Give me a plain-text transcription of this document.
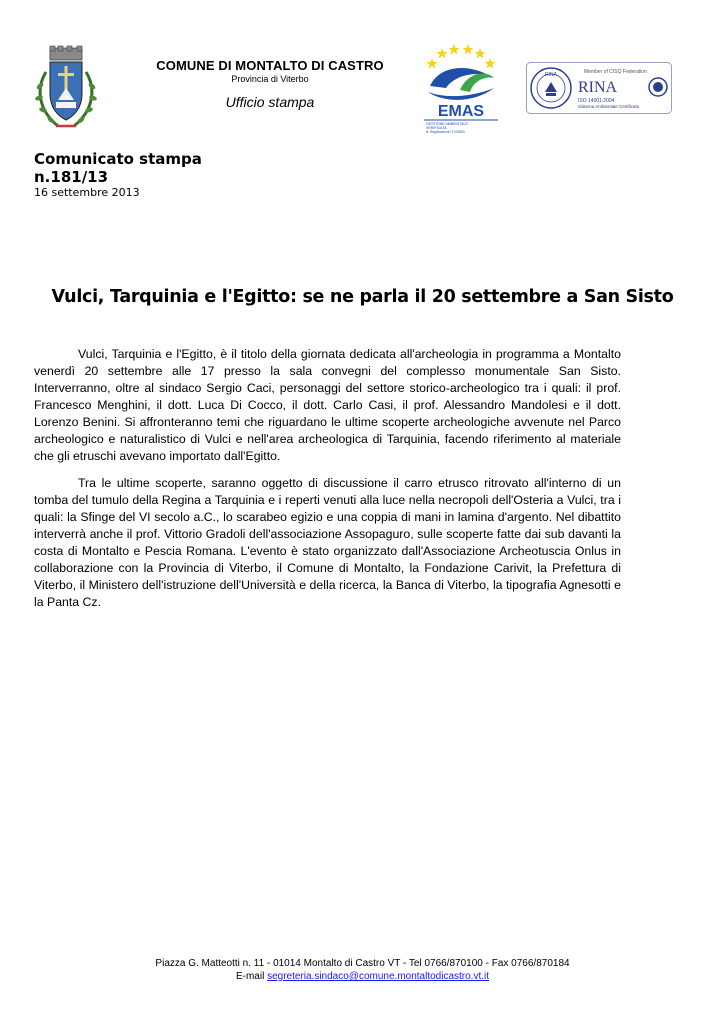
COMUNE DI MONTALTO DI CASTRO
Provincia di Viterbo
Ufficio stampa
EMAS
GESTIONE AMBIENTALE
VERIFICATA
N. Registrazione IT-000000
RINA	Member of CISQ Federation
RINA
ISO 14001:2004
Sistema Ambientale Certificato
Comunicato stampa
n.181/13
16 settembre 2013
Vulci, Tarquinia e l'Egitto: se ne parla il 20 settembre a San Sisto

Vulci, Tarquinia e l'Egitto, è il titolo della giornata dedicata all'archeologia in programma a Montalto venerdì 20 settembre alle 17 presso la sala convegni del complesso monumentale San Sisto. Interverranno, oltre al sindaco Sergio Caci, personaggi del settore storico-archeologico tra i quali: il prof. Francesco Menghini, il dott. Luca Di Cocco, il dott. Carlo Casi, il prof. Alessandro Mandolesi e il dott. Lorenzo Benini. Si affronteranno temi che riguardano le ultime scoperte archeologiche avvenute nel Parco archeologico e naturalistico di Vulci e nell'area archeologica di Tarquinia, facendo riferimento al materiale che gli etruschi avevano importato dall'Egitto.

Tra le ultime scoperte, saranno oggetto di discussione il carro etrusco ritrovato all'interno di un tomba del tumulo della Regina a Tarquinia e i reperti venuti alla luce nella necropoli dell'Osteria a Vulci, tra i quali: la Sfinge del VI secolo a.C., lo scarabeo egizio e una coppia di mani in lamina d'argento. Nel dibattito interverrà anche il prof. Vittorio Gradoli dell'associazione Assopaguro, sulle scoperte fatte dai sub davanti la costa di Montalto e Pescia Romana. L'evento è stato organizzato dall'Associazione Archeotuscia Onlus in collaborazione con la Provincia di Viterbo, il Comune di Montalto, la Fondazione Carivit, la Prefettura di Viterbo, il Ministero dell'istruzione dell'Università e della ricerca, la Banca di Viterbo, la tipografia Agnesotti e la Panta Cz.

Piazza G. Matteotti n. 11 - 01014 Montalto di Castro VT - Tel 0766/870100 - Fax 0766/870184
E-mail segreteria.sindaco@comune.montaltodicastro.vt.it
